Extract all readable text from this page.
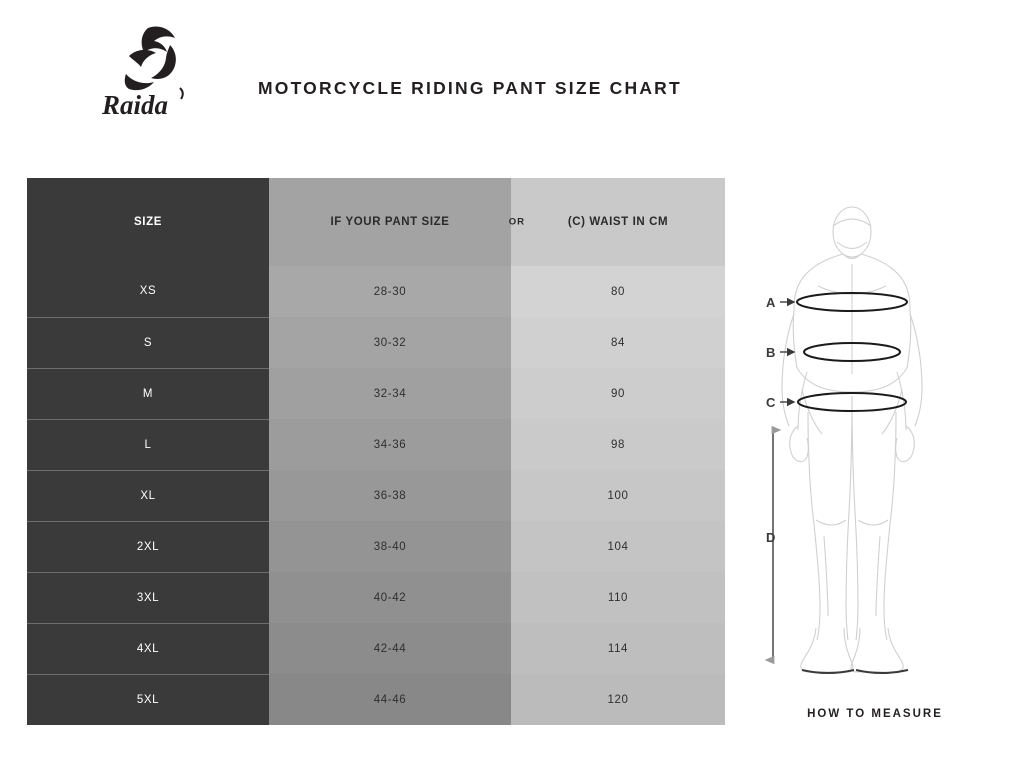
Raida
MOTORCYCLE RIDING PANT SIZE CHART
SIZE	IF YOUR PANT SIZE OR	(C) WAIST IN CM
XS	28-30	80
S	30-32	84
M	32-34	90
L	34-36	98
XL	36-38	100
2XL	38-40	104
3XL	40-42	110
4XL	42-44	114
5XL	44-46	120
A
B
C
D
HOW TO MEASURE
